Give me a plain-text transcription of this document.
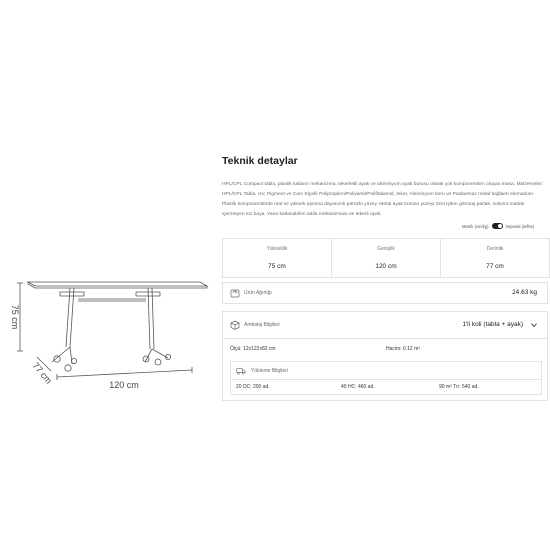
75 cm
77 cm	120 cm
Teknik detaylar
HPL/CPL Compact tabla, plastik katlanır mekanizma, tekerlekli ayak ve alüminyum ayak borusu olarak çok komponentten oluşan masa. Malzemeler: HPL/CPL Tabla, UV, Pigment ve Cam Elyaflı Polipropilen/Poliyamit/Polifitalamid, teker, Alüminyum boru ve Paslanmaz metal bağlantı elemanları. Plastik komponentlerde mat ve yüksek aşınma dayanımlı pürüzlü yüzey. Metal ayak borusu yüzeyi özel işlem görmüş parlak, solvent madde içermeyen toz boya. Yana katlanabilen tabla mekanizması ve tekerli ayak.
Metrik (cm/kg)	İmperial (in/lbs)
Yükseklik
75 cm
Genişlik
120 cm
Derinlik
77 cm
Ürün Ağırlığı	24.63 kg
Ambalaj Bilgileri	1'li koli (tabla + ayak)
Ölçü: 12x122x82 cm	Hacim: 0.12 m³
Yükleme Bilgileri
20 DC: 200 ad.	40 HC: 460 ad.	90 m³ Tır: 540 ad.
